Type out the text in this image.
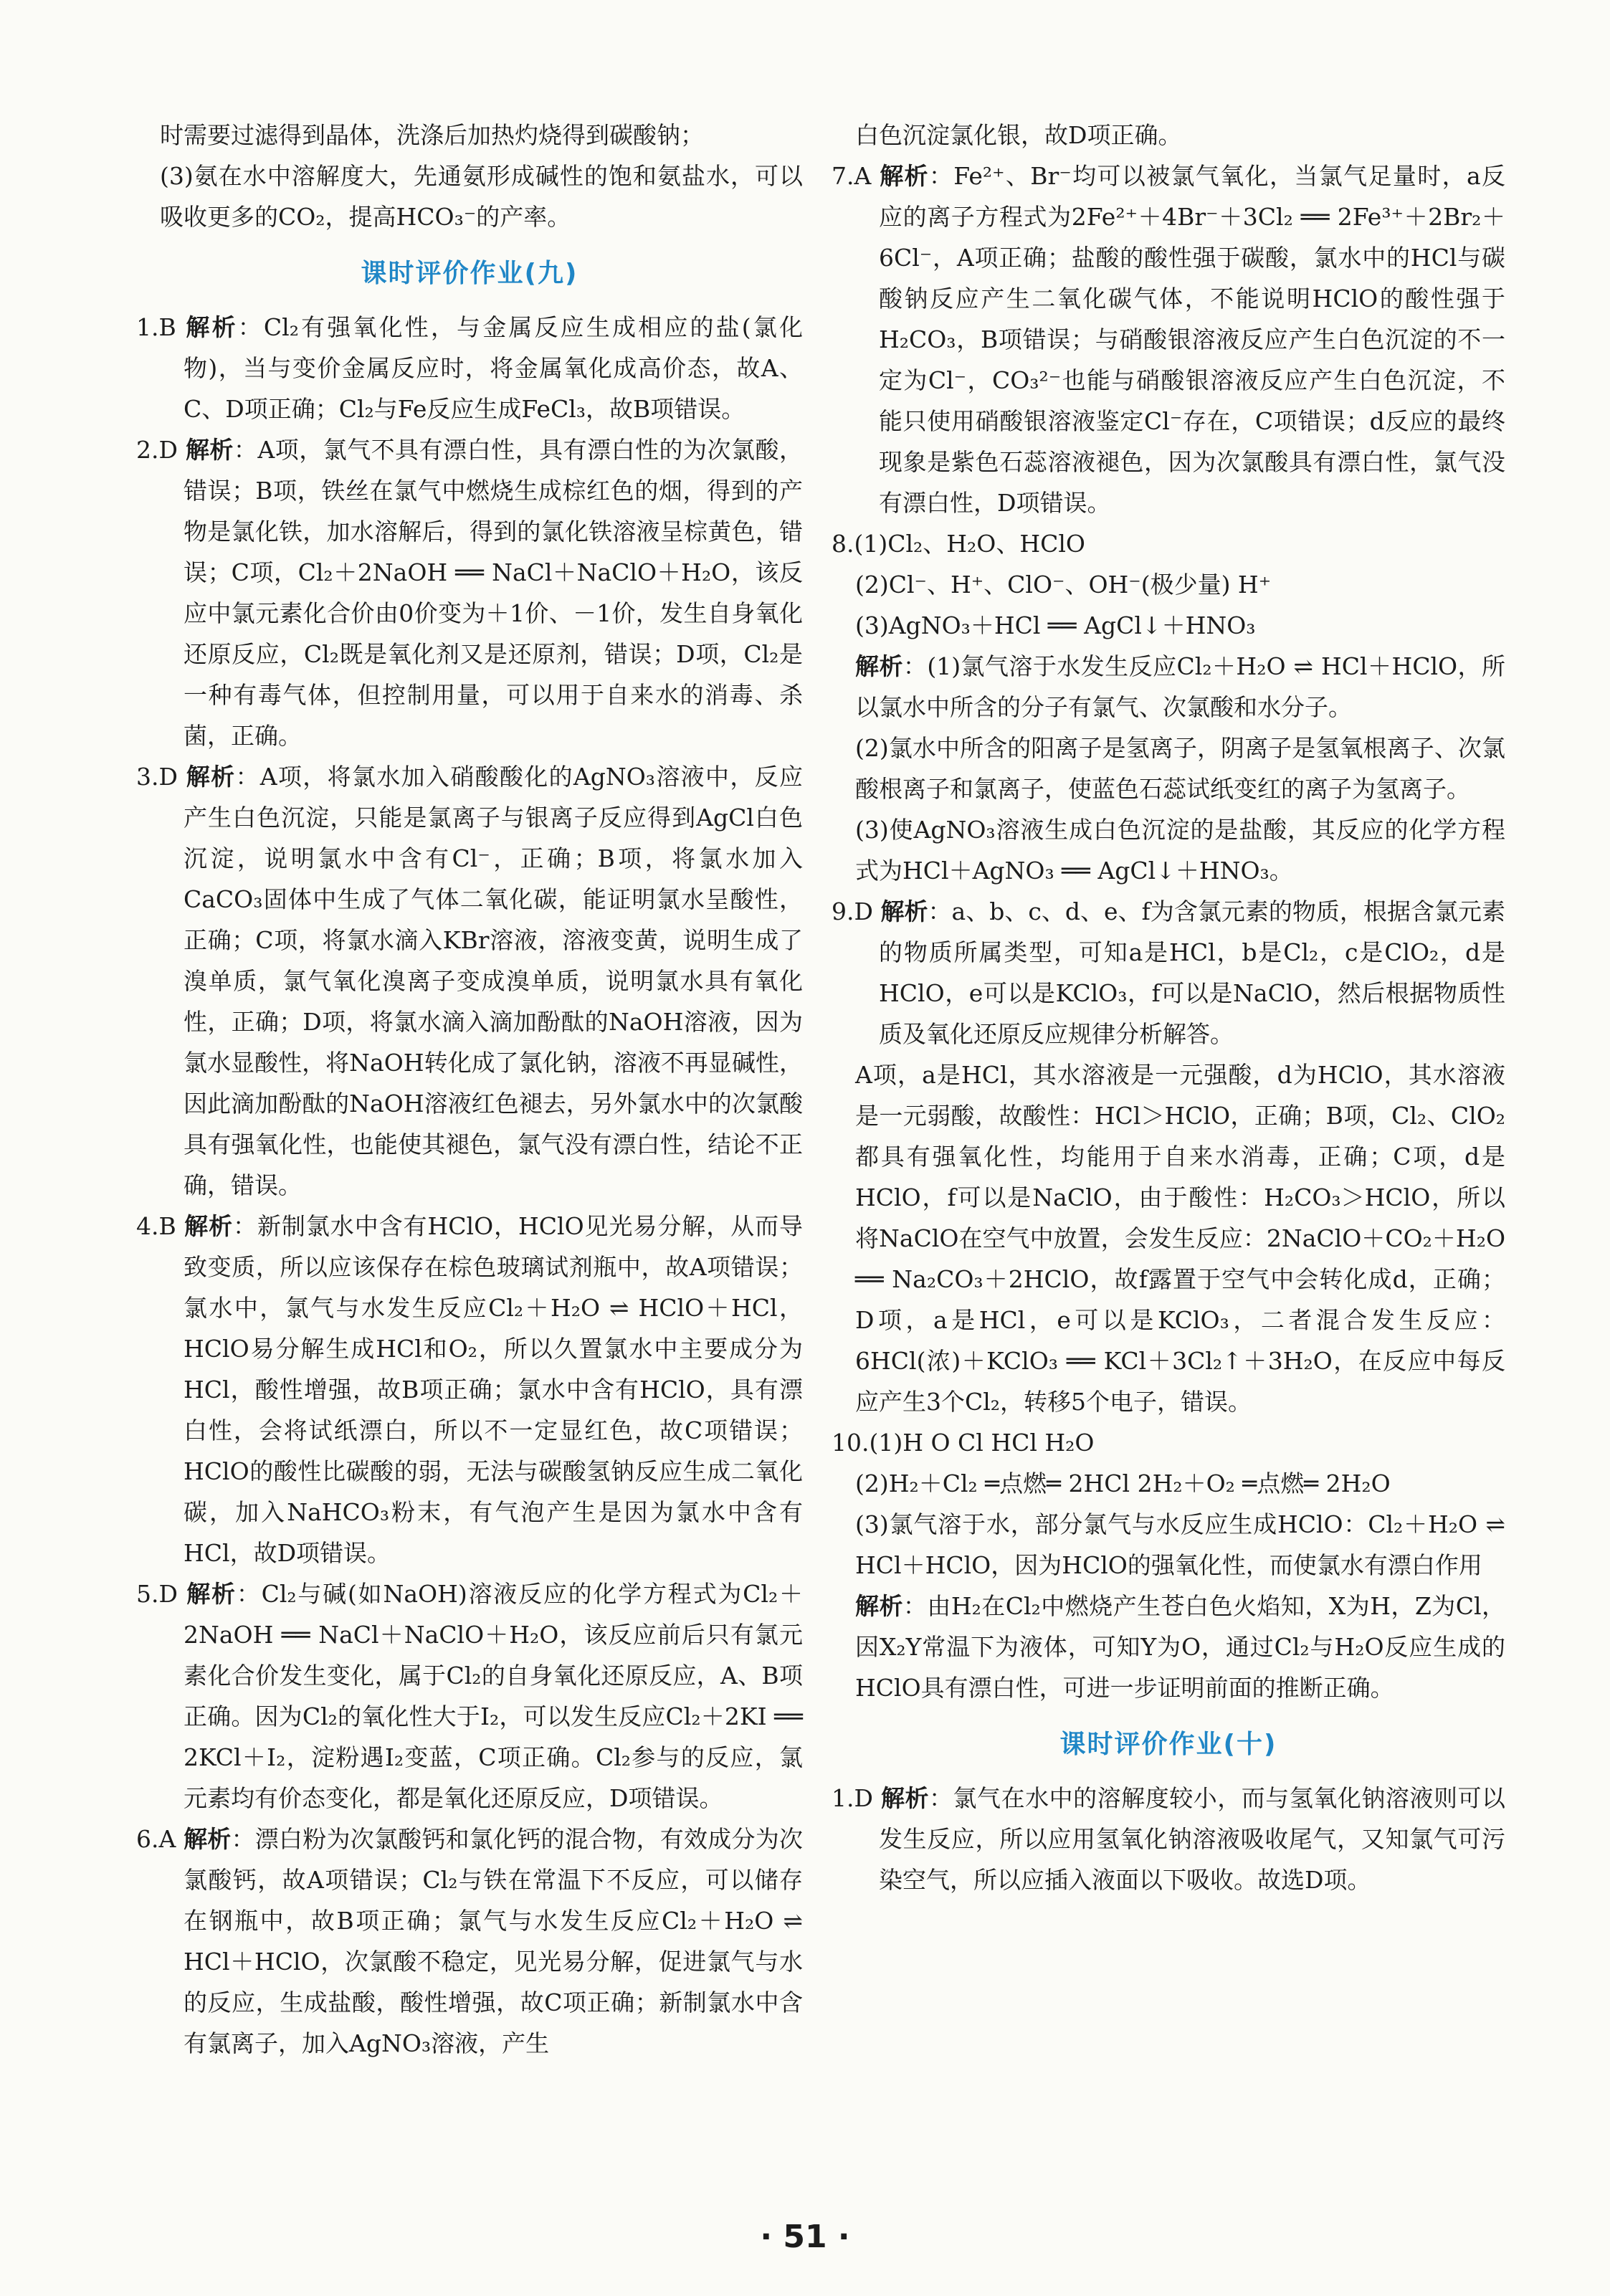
时需要过滤得到晶体，洗涤后加热灼烧得到碳酸钠；

(3)氨在水中溶解度大，先通氨形成碱性的饱和氨盐水，可以吸收更多的CO₂，提高HCO₃⁻的产率。

课时评价作业(九)

1.B 解析：Cl₂有强氧化性，与金属反应生成相应的盐(氯化物)，当与变价金属反应时，将金属氧化成高价态，故A、C、D项正确；Cl₂与Fe反应生成FeCl₃，故B项错误。

2.D 解析：A项，氯气不具有漂白性，具有漂白性的为次氯酸，错误；B项，铁丝在氯气中燃烧生成棕红色的烟，得到的产物是氯化铁，加水溶解后，得到的氯化铁溶液呈棕黄色，错误；C项，Cl₂＋2NaOH ══ NaCl＋NaClO＋H₂O，该反应中氯元素化合价由0价变为＋1价、－1价，发生自身氧化还原反应，Cl₂既是氧化剂又是还原剂，错误；D项，Cl₂是一种有毒气体，但控制用量，可以用于自来水的消毒、杀菌，正确。

3.D 解析：A项，将氯水加入硝酸酸化的AgNO₃溶液中，反应产生白色沉淀，只能是氯离子与银离子反应得到AgCl白色沉淀，说明氯水中含有Cl⁻，正确；B项，将氯水加入CaCO₃固体中生成了气体二氧化碳，能证明氯水呈酸性，正确；C项，将氯水滴入KBr溶液，溶液变黄，说明生成了溴单质，氯气氧化溴离子变成溴单质，说明氯水具有氧化性，正确；D项，将氯水滴入滴加酚酞的NaOH溶液，因为氯水显酸性，将NaOH转化成了氯化钠，溶液不再显碱性，因此滴加酚酞的NaOH溶液红色褪去，另外氯水中的次氯酸具有强氧化性，也能使其褪色，氯气没有漂白性，结论不正确，错误。

4.B 解析：新制氯水中含有HClO，HClO见光易分解，从而导致变质，所以应该保存在棕色玻璃试剂瓶中，故A项错误；氯水中，氯气与水发生反应Cl₂＋H₂O ⇌ HClO＋HCl，HClO易分解生成HCl和O₂，所以久置氯水中主要成分为HCl，酸性增强，故B项正确；氯水中含有HClO，具有漂白性，会将试纸漂白，所以不一定显红色，故C项错误；HClO的酸性比碳酸的弱，无法与碳酸氢钠反应生成二氧化碳，加入NaHCO₃粉末，有气泡产生是因为氯水中含有HCl，故D项错误。

5.D 解析：Cl₂与碱(如NaOH)溶液反应的化学方程式为Cl₂＋2NaOH ══ NaCl＋NaClO＋H₂O，该反应前后只有氯元素化合价发生变化，属于Cl₂的自身氧化还原反应，A、B项正确。因为Cl₂的氧化性大于I₂，可以发生反应Cl₂＋2KI ══ 2KCl＋I₂，淀粉遇I₂变蓝，C项正确。Cl₂参与的反应，氯元素均有价态变化，都是氧化还原反应，D项错误。

6.A 解析：漂白粉为次氯酸钙和氯化钙的混合物，有效成分为次氯酸钙，故A项错误；Cl₂与铁在常温下不反应，可以储存在钢瓶中，故B项正确；氯气与水发生反应Cl₂＋H₂O ⇌ HCl＋HClO，次氯酸不稳定，见光易分解，促进氯气与水的反应，生成盐酸，酸性增强，故C项正确；新制氯水中含有氯离子，加入AgNO₃溶液，产生

白色沉淀氯化银，故D项正确。

7.A 解析：Fe²⁺、Br⁻均可以被氯气氧化，当氯气足量时，a反应的离子方程式为2Fe²⁺＋4Br⁻＋3Cl₂ ══ 2Fe³⁺＋2Br₂＋6Cl⁻，A项正确；盐酸的酸性强于碳酸，氯水中的HCl与碳酸钠反应产生二氧化碳气体，不能说明HClO的酸性强于H₂CO₃，B项错误；与硝酸银溶液反应产生白色沉淀的不一定为Cl⁻，CO₃²⁻也能与硝酸银溶液反应产生白色沉淀，不能只使用硝酸银溶液鉴定Cl⁻存在，C项错误；d反应的最终现象是紫色石蕊溶液褪色，因为次氯酸具有漂白性，氯气没有漂白性，D项错误。

8.(1)Cl₂、H₂O、HClO

(2)Cl⁻、H⁺、ClO⁻、OH⁻(极少量) H⁺

(3)AgNO₃＋HCl ══ AgCl↓＋HNO₃

解析：(1)氯气溶于水发生反应Cl₂＋H₂O ⇌ HCl＋HClO，所以氯水中所含的分子有氯气、次氯酸和水分子。

(2)氯水中所含的阳离子是氢离子，阴离子是氢氧根离子、次氯酸根离子和氯离子，使蓝色石蕊试纸变红的离子为氢离子。

(3)使AgNO₃溶液生成白色沉淀的是盐酸，其反应的化学方程式为HCl＋AgNO₃ ══ AgCl↓＋HNO₃。

9.D 解析：a、b、c、d、e、f为含氯元素的物质，根据含氯元素的物质所属类型，可知a是HCl，b是Cl₂，c是ClO₂，d是HClO，e可以是KClO₃，f可以是NaClO，然后根据物质性质及氧化还原反应规律分析解答。

A项，a是HCl，其水溶液是一元强酸，d为HClO，其水溶液是一元弱酸，故酸性：HCl＞HClO，正确；B项，Cl₂、ClO₂都具有强氧化性，均能用于自来水消毒，正确；C项，d是HClO，f可以是NaClO，由于酸性：H₂CO₃＞HClO，所以将NaClO在空气中放置，会发生反应：2NaClO＋CO₂＋H₂O ══ Na₂CO₃＋2HClO，故f露置于空气中会转化成d，正确；D项，a是HCl，e可以是KClO₃，二者混合发生反应：6HCl(浓)＋KClO₃ ══ KCl＋3Cl₂↑＋3H₂O，在反应中每反应产生3个Cl₂，转移5个电子，错误。

10.(1)H O Cl HCl H₂O

(2)H₂＋Cl₂ ═点燃═ 2HCl 2H₂＋O₂ ═点燃═ 2H₂O

(3)氯气溶于水，部分氯气与水反应生成HClO：Cl₂＋H₂O ⇌ HCl＋HClO，因为HClO的强氧化性，而使氯水有漂白作用

解析：由H₂在Cl₂中燃烧产生苍白色火焰知，X为H，Z为Cl，因X₂Y常温下为液体，可知Y为O，通过Cl₂与H₂O反应生成的HClO具有漂白性，可进一步证明前面的推断正确。

课时评价作业(十)

1.D 解析：氯气在水中的溶解度较小，而与氢氧化钠溶液则可以发生反应，所以应用氢氧化钠溶液吸收尾气，又知氯气可污染空气，所以应插入液面以下吸收。故选D项。

· 51 ·
